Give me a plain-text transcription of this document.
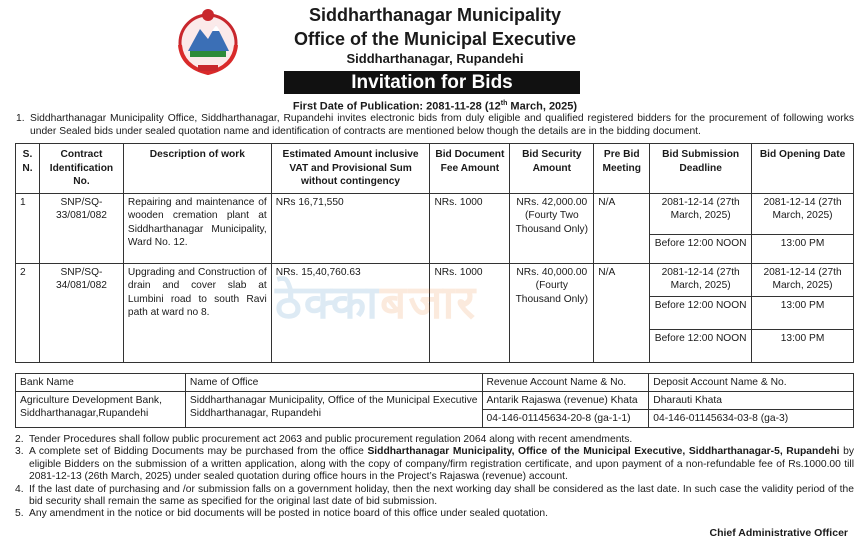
Siddharthanagar Municipality
Office of the Municipal Executive
Siddharthanagar, Rupandehi
Invitation for Bids
First Date of Publication: 2081-11-28 (12th March, 2025)
1. Siddharthanagar Municipality Office, Siddharthanagar, Rupandehi invites electronic bids from duly eligible and qualified registered bidders for the procurement of following works under Sealed bids under sealed quotation name and identification of contracts are mentioned below though the details are in the bidding document.
S. N.	Contract Identification No.	Description of work	Estimated Amount inclusive VAT and Provisional Sum without contingency	Bid Document Fee Amount	Bid Security Amount	Pre Bid Meeting	Bid Submission Deadline	Bid Opening Date
1	SNP/SQ-33/081/082	Repairing and maintenance of wooden cremation plant at Siddharthanagar Municipality, Ward No. 12.	NRs 16,71,550	NRs. 1000	NRs. 42,000.00 (Fourty Two Thousand Only)	N/A	2081-12-14 (27th March, 2025)	2081-12-14 (27th March, 2025)
							Before 12:00 NOON	13:00 PM
2	SNP/SQ-34/081/082	Upgrading and Construction of drain and cover slab at Lumbini road to south Ravi path at ward no 8.	NRs. 15,40,760.63	NRs. 1000	NRs. 40,000.00 (Fourty Thousand Only)	N/A	2081-12-14 (27th March, 2025)	2081-12-14 (27th March, 2025)
							Before 12:00 NOON	13:00 PM
							Before 12:00 NOON	13:00 PM
ठेक्काबजार
Bank Name	Name of Office	Revenue Account Name & No.	Deposit Account Name & No.
Agriculture Development Bank, Siddharthanagar,Rupandehi	Siddharthanagar Municipality, Office of the Municipal Executive Siddharthanagar, Rupandehi	Antarik Rajaswa (revenue) Khata	Dharauti Khata
		04-146-01145634-20-8 (ga-1-1)	04-146-01145634-03-8 (ga-3)

2. Tender Procedures shall follow public procurement act 2063 and public procurement regulation 2064 along with recent amendments.

3. A complete set of Bidding Documents may be purchased from the office Siddharthanagar Municipality, Office of the Municipal Executive, Siddharthanagar-5, Rupandehi by eligible Bidders on the submission of a written application, along with the copy of company/firm registration certificate, and upon payment of a non-refundable fee of Rs.1000.00 till 2081-12-13 (26th March, 2025) under sealed quotation during office hours in the Project’s Rajaswa (revenue) account.

4. If the last date of purchasing and /or submission falls on a government holiday, then the next working day shall be considered as the last date. In such case the validity period of the bid security shall remain the same as specified for the original last date of bid submission.

5. Any amendment in the notice or bid documents will be posted in notice board of this office under sealed quotation.

Chief Administrative Officer
